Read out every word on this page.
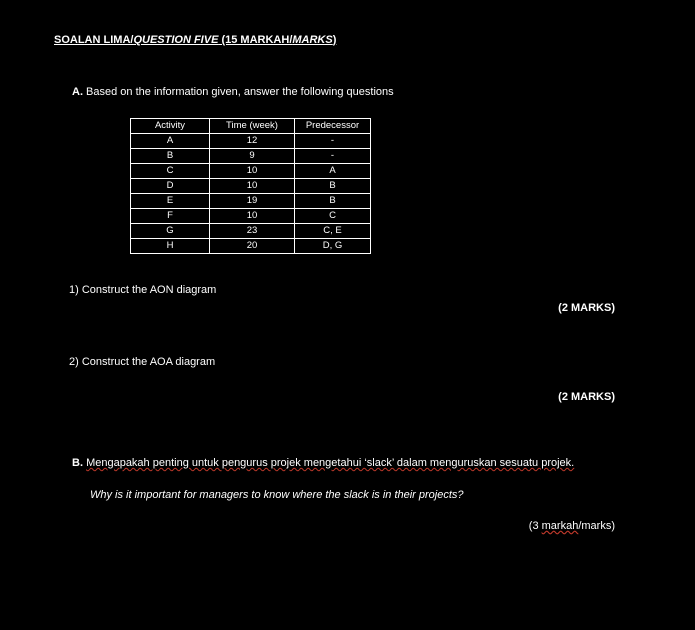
SOALAN LIMA/QUESTION FIVE (15 MARKAH/MARKS)
A. Based on the information given, answer the following questions
Activity	Time (week)	Predecessor
A	12	-
B	9	-
C	10	A
D	10	B
E	19	B
F	10	C
G	23	C, E
H	20	D, G
1) Construct the AON diagram
(2 MARKS)
2) Construct the AOA diagram
(2 MARKS)
B. Mengapakah penting untuk pengurus projek mengetahui ‘slack’ dalam menguruskan sesuatu projek.
Why is it important for managers to know where the slack is in their projects?
(3 markah/marks)
